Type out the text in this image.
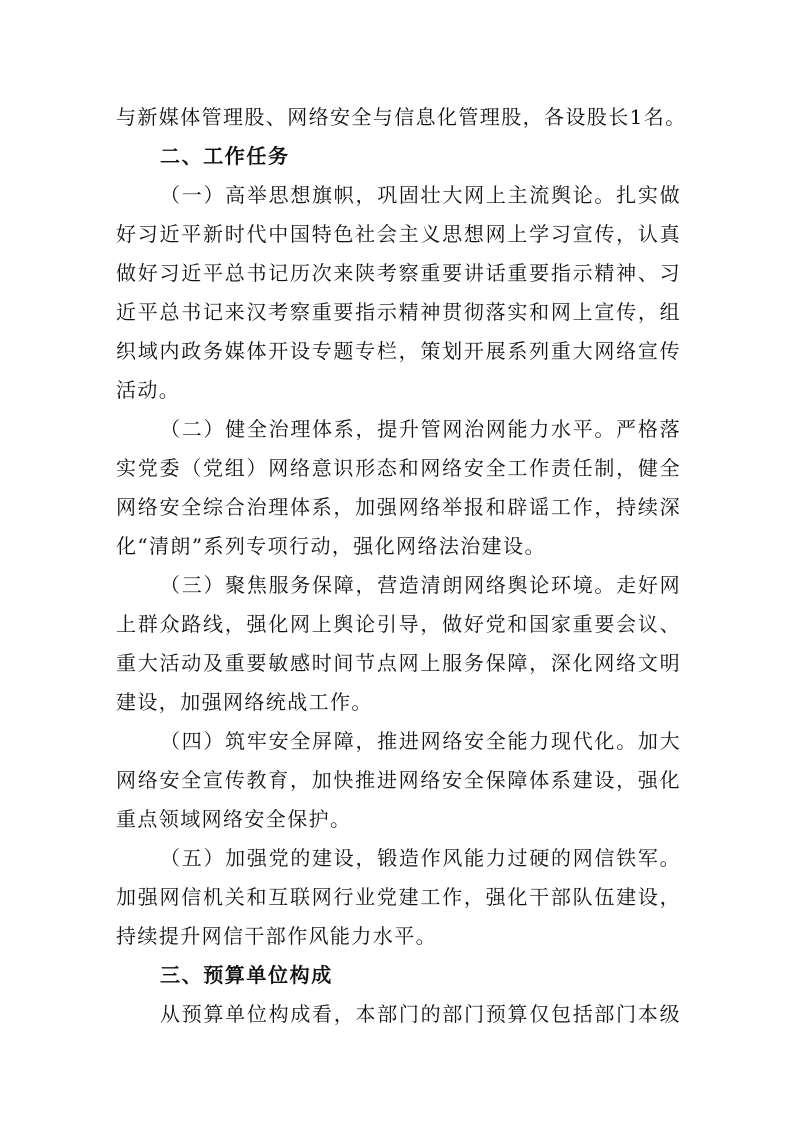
与新媒体管理股、网络安全与信息化管理股，各设股长1名。
二、工作任务
（一）高举思想旗帜，巩固壮大网上主流舆论。扎实做
好习近平新时代中国特色社会主义思想网上学习宣传，认真
做好习近平总书记历次来陕考察重要讲话重要指示精神、习
近平总书记来汉考察重要指示精神贯彻落实和网上宣传，组
织域内政务媒体开设专题专栏，策划开展系列重大网络宣传
活动。
（二）健全治理体系，提升管网治网能力水平。严格落
实党委（党组）网络意识形态和网络安全工作责任制，健全
网络安全综合治理体系，加强网络举报和辟谣工作，持续深
化“清朗”系列专项行动，强化网络法治建设。
（三）聚焦服务保障，营造清朗网络舆论环境。走好网
上群众路线，强化网上舆论引导，做好党和国家重要会议、
重大活动及重要敏感时间节点网上服务保障，深化网络文明
建设，加强网络统战工作。
（四）筑牢安全屏障，推进网络安全能力现代化。加大
网络安全宣传教育，加快推进网络安全保障体系建设，强化
重点领域网络安全保护。
（五）加强党的建设，锻造作风能力过硬的网信铁军。
加强网信机关和互联网行业党建工作，强化干部队伍建设，
持续提升网信干部作风能力水平。
三、预算单位构成
从预算单位构成看，本部门的部门预算仅包括部门本级
